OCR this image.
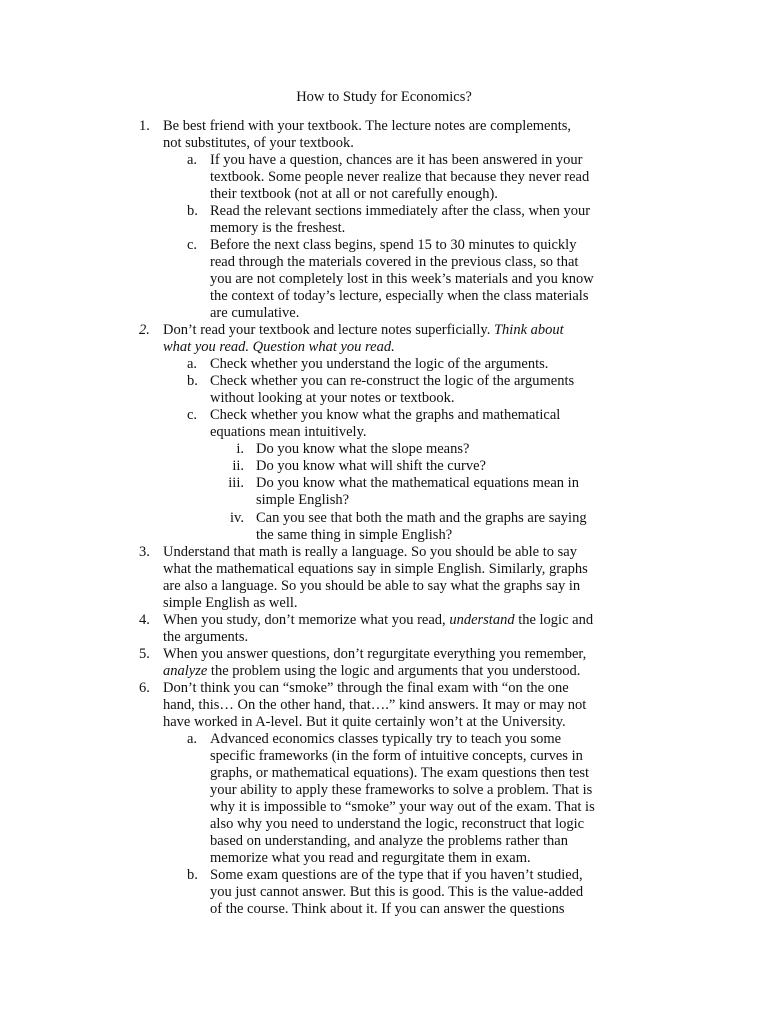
How to Study for Economics?
1. Be best friend with your textbook. The lecture notes are complements,
not substitutes, of your textbook.
a. If you have a question, chances are it has been answered in your
textbook. Some people never realize that because they never read
their textbook (not at all or not carefully enough).
b. Read the relevant sections immediately after the class, when your
memory is the freshest.
c. Before the next class begins, spend 15 to 30 minutes to quickly
read through the materials covered in the previous class, so that
you are not completely lost in this week’s materials and you know
the context of today’s lecture, especially when the class materials
are cumulative.
2. Don’t read your textbook and lecture notes superficially. Think about
what you read. Question what you read.
a. Check whether you understand the logic of the arguments.
b. Check whether you can re-construct the logic of the arguments
without looking at your notes or textbook.
c. Check whether you know what the graphs and mathematical
equations mean intuitively.
i. Do you know what the slope means?
ii. Do you know what will shift the curve?
iii. Do you know what the mathematical equations mean in
simple English?
iv. Can you see that both the math and the graphs are saying
the same thing in simple English?
3. Understand that math is really a language. So you should be able to say
what the mathematical equations say in simple English. Similarly, graphs
are also a language. So you should be able to say what the graphs say in
simple English as well.
4. When you study, don’t memorize what you read, understand the logic and
the arguments.
5. When you answer questions, don’t regurgitate everything you remember,
analyze the problem using the logic and arguments that you understood.
6. Don’t think you can “smoke” through the final exam with “on the one
hand, this… On the other hand, that….” kind answers. It may or may not
have worked in A-level. But it quite certainly won’t at the University.
a. Advanced economics classes typically try to teach you some
specific frameworks (in the form of intuitive concepts, curves in
graphs, or mathematical equations). The exam questions then test
your ability to apply these frameworks to solve a problem. That is
why it is impossible to “smoke” your way out of the exam. That is
also why you need to understand the logic, reconstruct that logic
based on understanding, and analyze the problems rather than
memorize what you read and regurgitate them in exam.
b. Some exam questions are of the type that if you haven’t studied,
you just cannot answer. But this is good. This is the value-added
of the course. Think about it. If you can answer the questions
